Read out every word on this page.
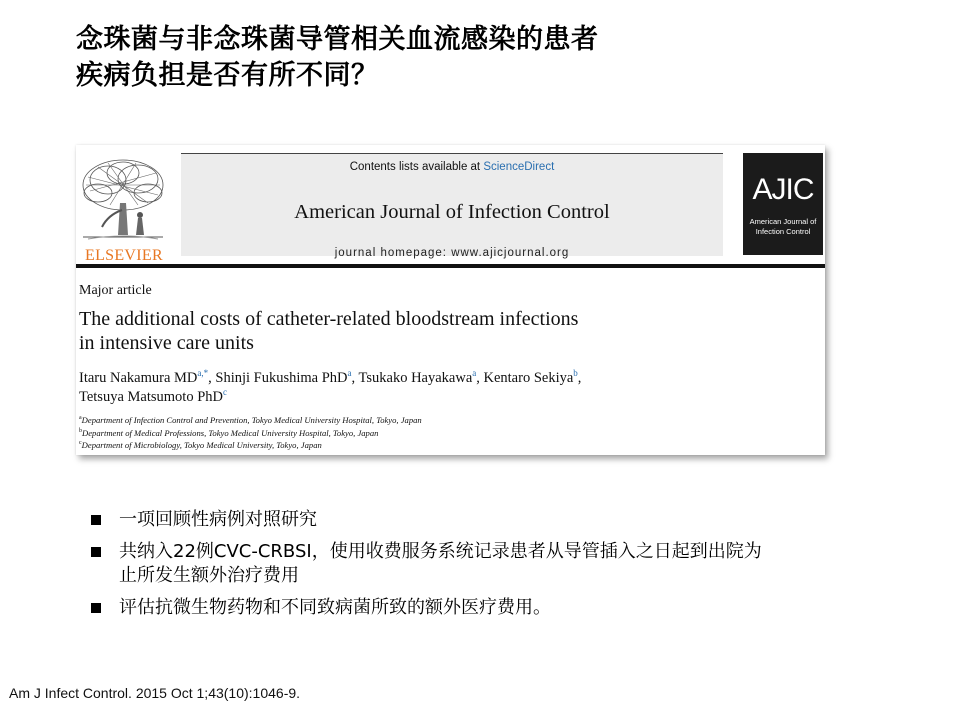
念珠菌与非念珠菌导管相关血流感染的患者
疾病负担是否有所不同？
ELSEVIER
Contents lists available at ScienceDirect
American Journal of Infection Control
journal homepage: www.ajicjournal.org
AJIC
American Journal of Infection Control
Major article
The additional costs of catheter-related bloodstream infections
in intensive care units
Itaru Nakamura $MD^{a,*}$, Shinji Fukushima PhD$^a$, Tsukako Hayakawa$^a$, Kentaro Sekiya$^b$,
Tetsuya Matsumoto PhD$^c$
$^a$Department of Infection Control and Prevention, Tokyo Medical University Hospital, Tokyo, Japan
$^b$Department of Medical Professions, Tokyo Medical University Hospital, Tokyo, Japan
$^c$Department of Microbiology, Tokyo Medical University, Tokyo, Japan
一项回顾性病例对照研究
共纳入22例CVC-CRBSI，使用收费服务系统记录患者从导管插入之日起到出院为
止所发生额外治疗费用
评估抗微生物药物和不同致病菌所致的额外医疗费用。
Am J Infect Control. 2015 Oct 1;43(10):1046-9.
